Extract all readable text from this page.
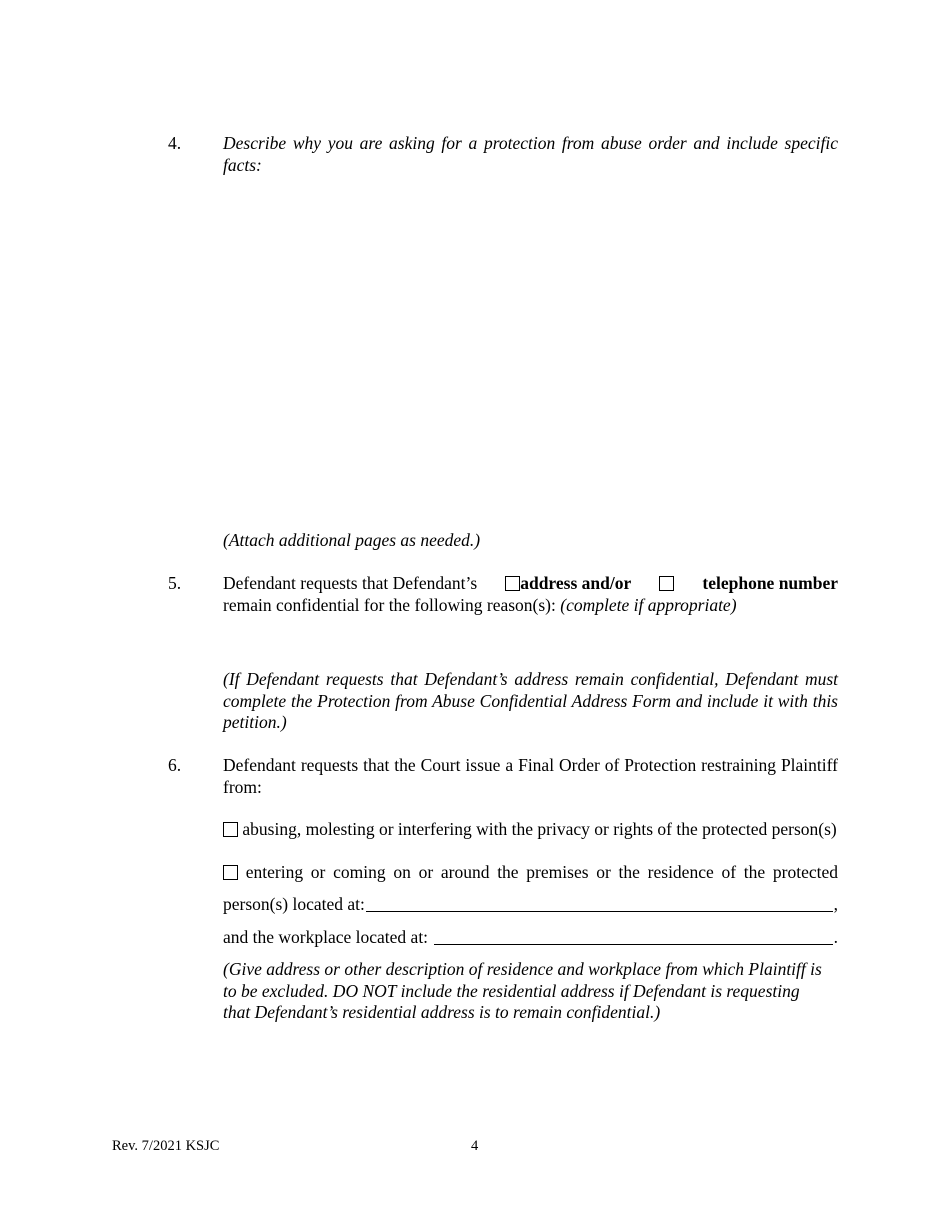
4. Describe why you are asking for a protection from abuse order and include specific facts:
(Attach additional pages as needed.)
5. Defendant requests that Defendant’s	address and/or	telephone number
remain confidential for the following reason(s): (complete if appropriate)
(If Defendant requests that Defendant’s address remain confidential, Defendant must complete the Protection from Abuse Confidential Address Form and include it with this petition.)
6. Defendant requests that the Court issue a Final Order of Protection restraining Plaintiff from:
abusing, molesting or interfering with the privacy or rights of the protected person(s)
entering or coming on or around the premises or the residence of the protected
person(s) located at:	,
and the workplace located at:	.
(Give address or other description of residence and workplace from which Plaintiff is to be excluded. DO NOT include the residential address if Defendant is requesting that Defendant’s residential address is to remain confidential.)
Rev. 7/2021 KSJC	4
